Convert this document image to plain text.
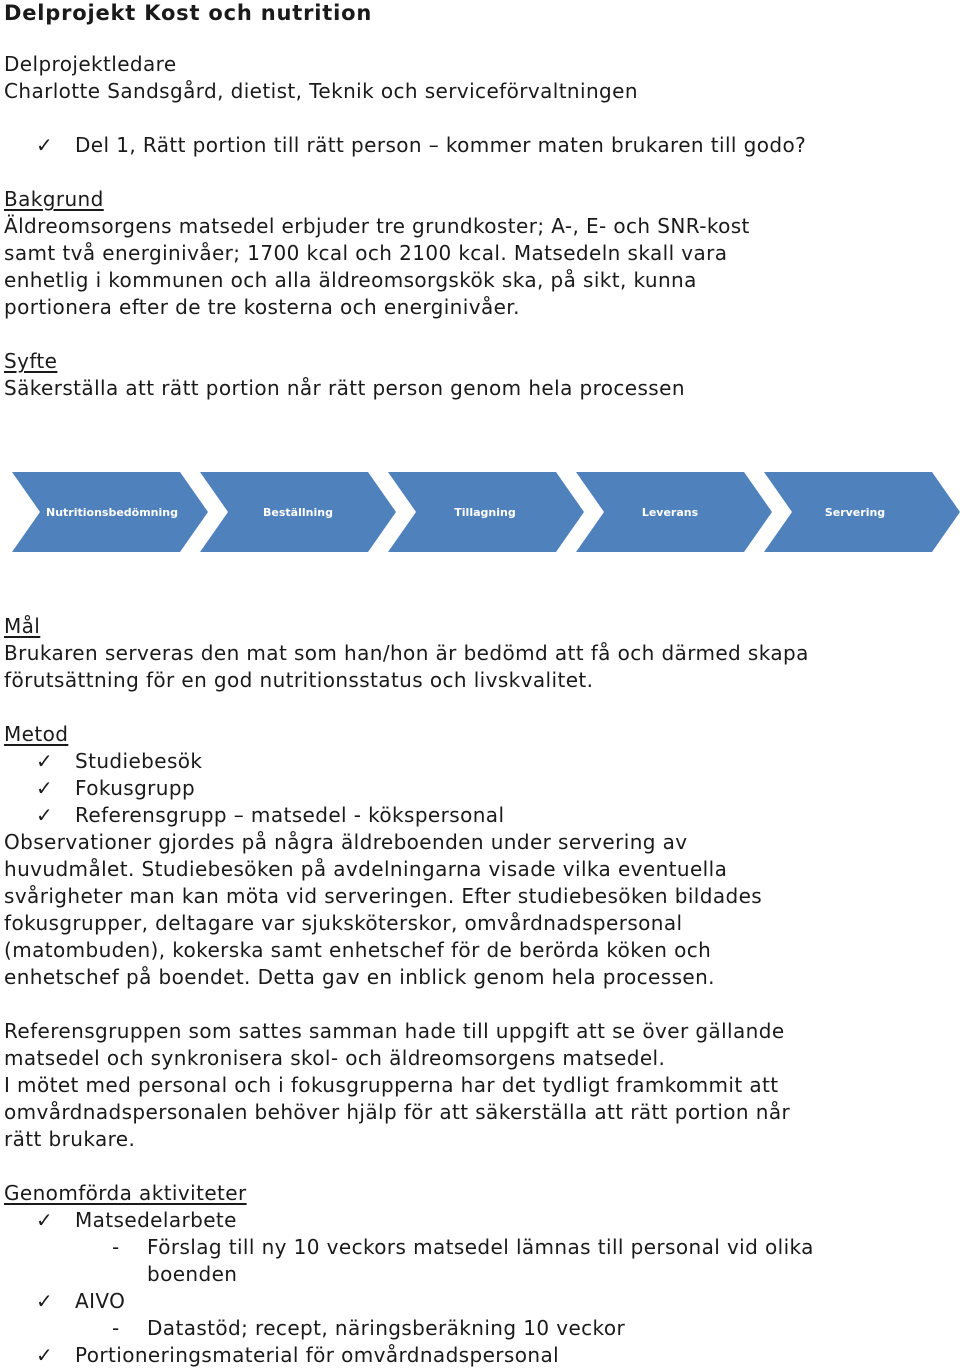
Delprojekt Kost och nutrition
Delprojektledare
Charlotte Sandsgård, dietist, Teknik och serviceförvaltningen
✓ Del 1, Rätt portion till rätt person – kommer maten brukaren till godo?
Bakgrund
Äldreomsorgens matsedel erbjuder tre grundkoster; A-, E- och SNR-kost
samt två energinivåer; 1700 kcal och 2100 kcal. Matsedeln skall vara
enhetlig i kommunen och alla äldreomsorgskök ska, på sikt, kunna
portionera efter de tre kosterna och energinivåer.
Syfte
Säkerställa att rätt portion når rätt person genom hela processen
Nutritionsbedömning	Beställning	Tillagning	Leverans	Servering
Mål
Brukaren serveras den mat som han/hon är bedömd att få och därmed skapa
förutsättning för en god nutritionsstatus och livskvalitet.
Metod
✓ Studiebesök
✓ Fokusgrupp
✓ Referensgrupp – matsedel - kökspersonal
Observationer gjordes på några äldreboenden under servering av
huvudmålet. Studiebesöken på avdelningarna visade vilka eventuella
svårigheter man kan möta vid serveringen. Efter studiebesöken bildades
fokusgrupper, deltagare var sjuksköterskor, omvårdnadspersonal
(matombuden), kokerska samt enhetschef för de berörda köken och
enhetschef på boendet. Detta gav en inblick genom hela processen.
Referensgruppen som sattes samman hade till uppgift att se över gällande
matsedel och synkronisera skol- och äldreomsorgens matsedel.
I mötet med personal och i fokusgrupperna har det tydligt framkommit att
omvårdnadspersonalen behöver hjälp för att säkerställa att rätt portion når
rätt brukare.
Genomförda aktiviteter
✓ Matsedelarbete
- Förslag till ny 10 veckors matsedel lämnas till personal vid olika
boenden
✓ AIVO
- Datastöd; recept, näringsberäkning 10 veckor
✓ Portioneringsmaterial för omvårdnadspersonal
